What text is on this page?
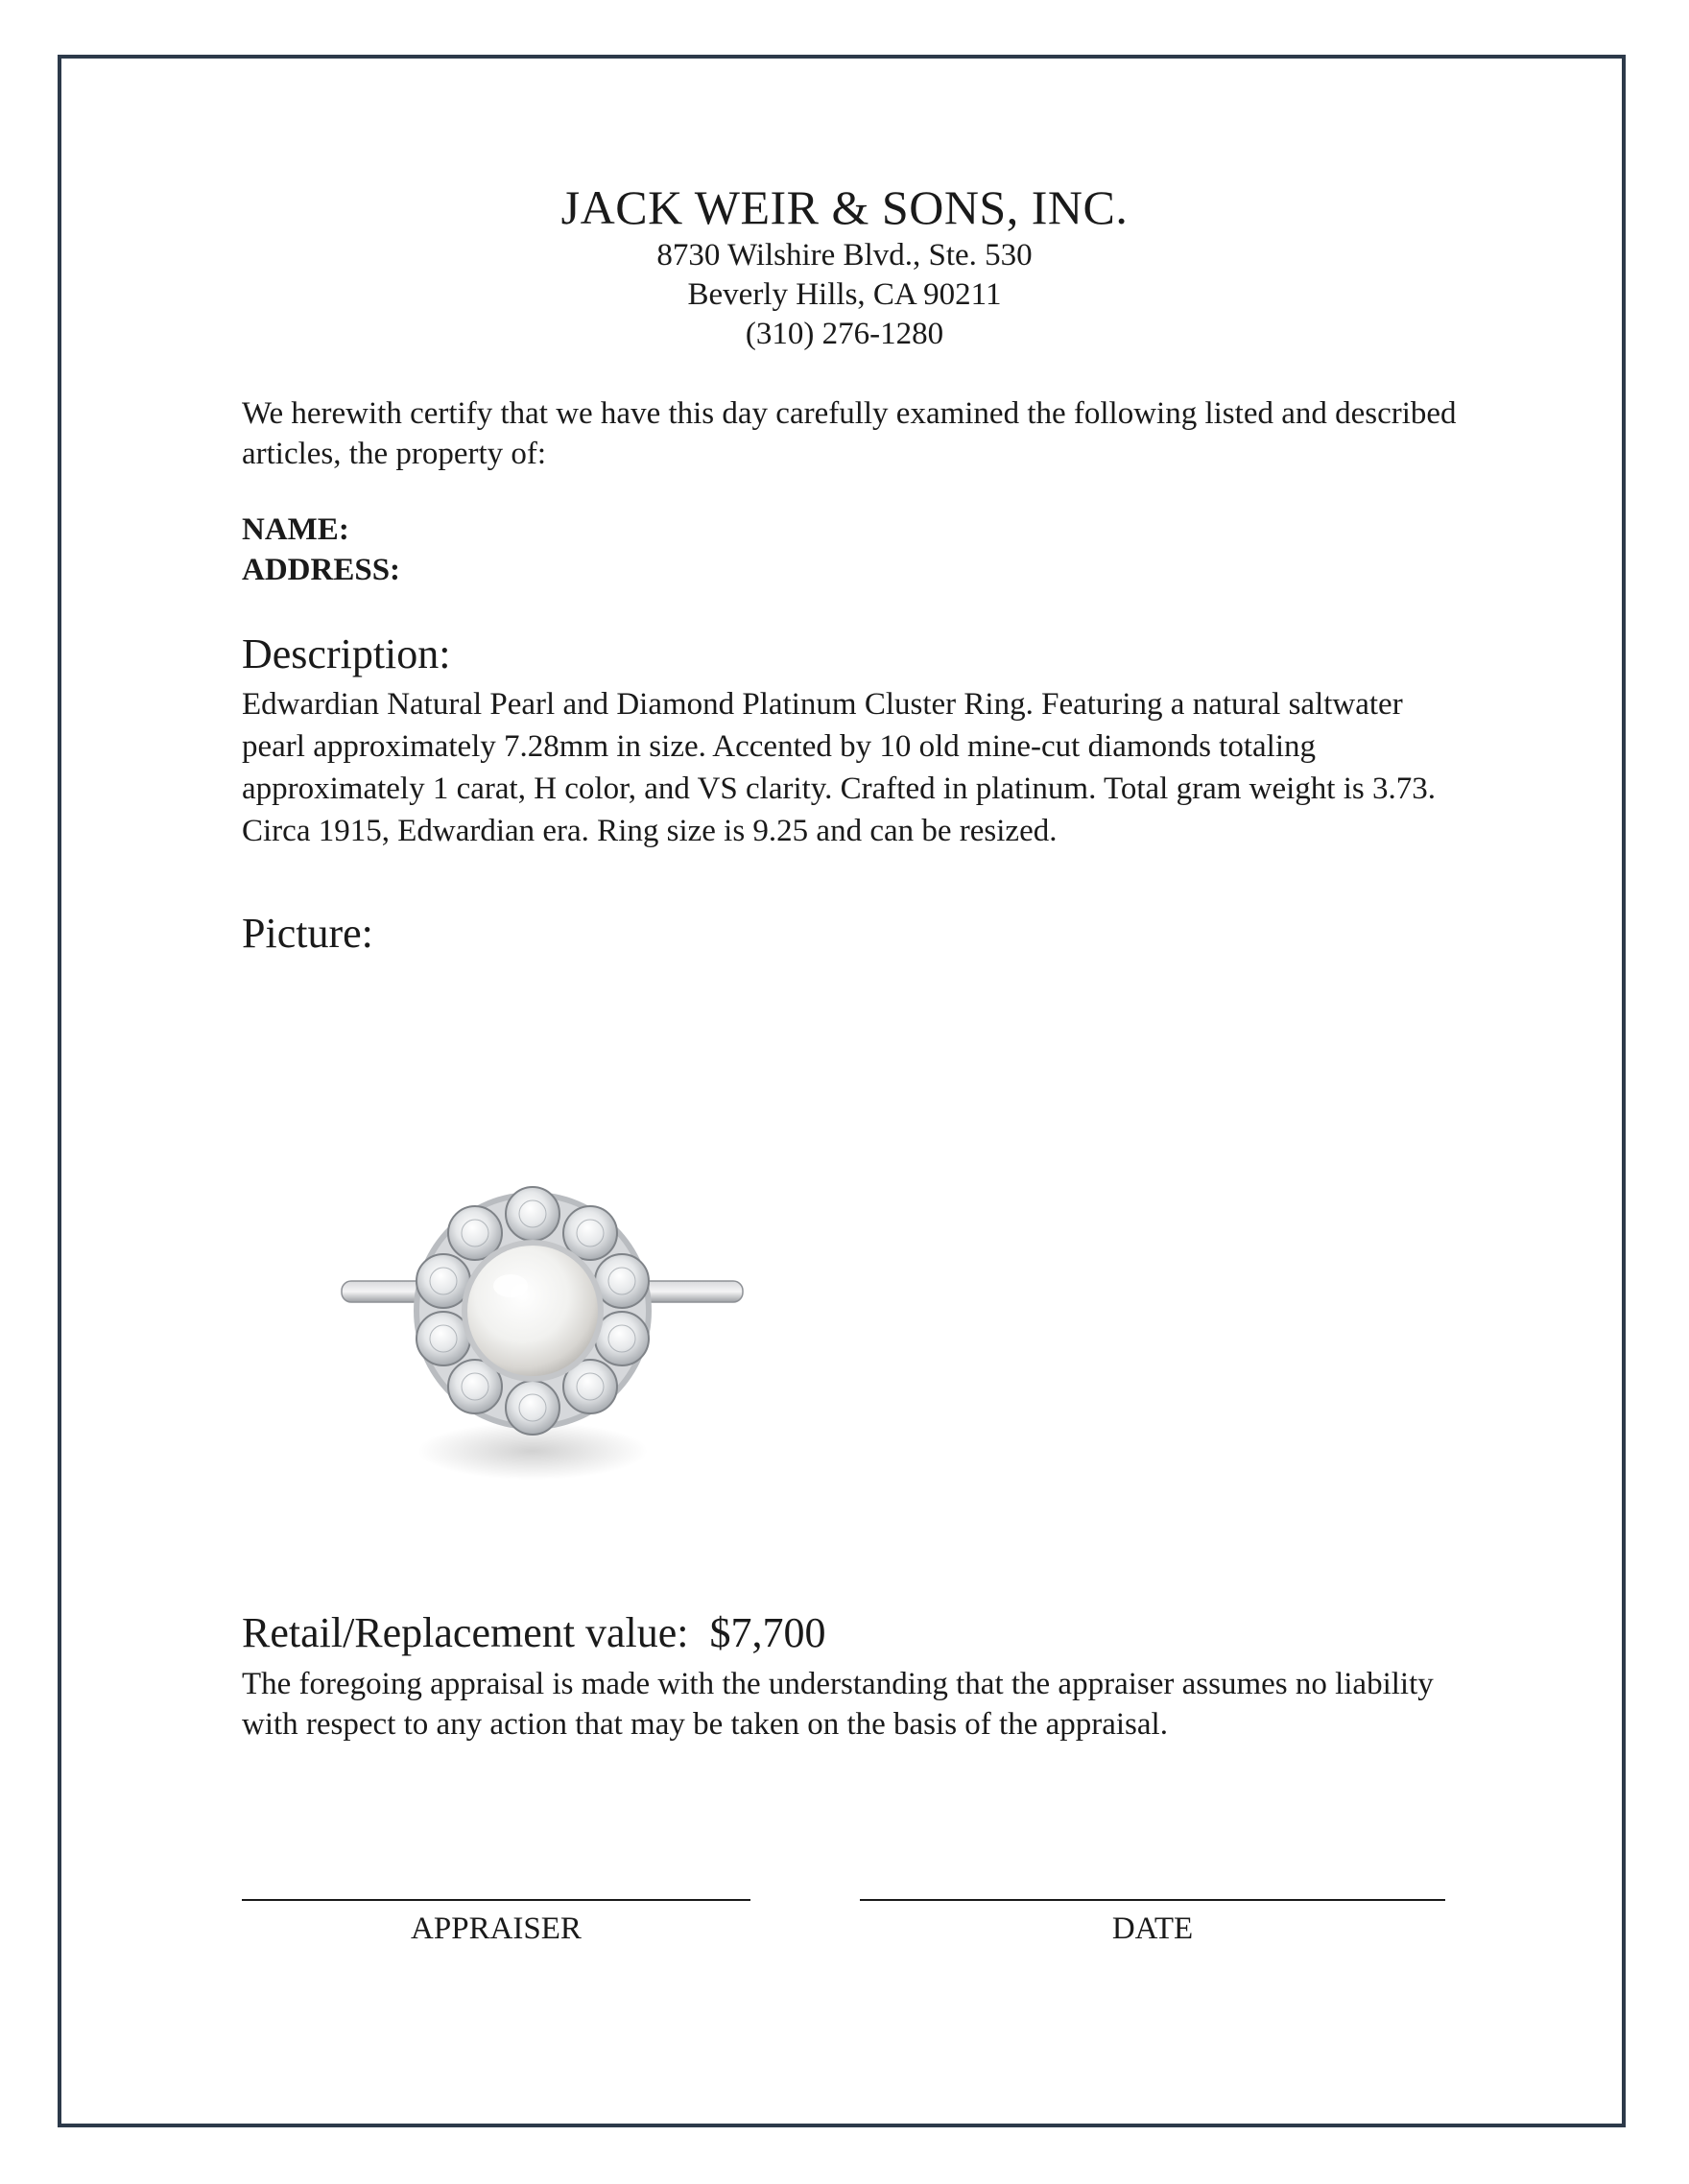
JACK WEIR & SONS, INC.
8730 Wilshire Blvd., Ste. 530
Beverly Hills, CA 90211
(310) 276-1280
We herewith certify that we have this day carefully examined the following listed and described articles, the property of:
NAME:
ADDRESS:
Description:
Edwardian Natural Pearl and Diamond Platinum Cluster Ring. Featuring a natural saltwater pearl approximately 7.28mm in size. Accented by 10 old mine-cut diamonds totaling approximately 1 carat, H color, and VS clarity. Crafted in platinum. Total gram weight is 3.73. Circa 1915, Edwardian era. Ring size is 9.25 and can be resized.
Picture:
Retail/Replacement value: $7,700
The foregoing appraisal is made with the understanding that the appraiser assumes no liability with respect to any action that may be taken on the basis of the appraisal.
APPRAISER	DATE
